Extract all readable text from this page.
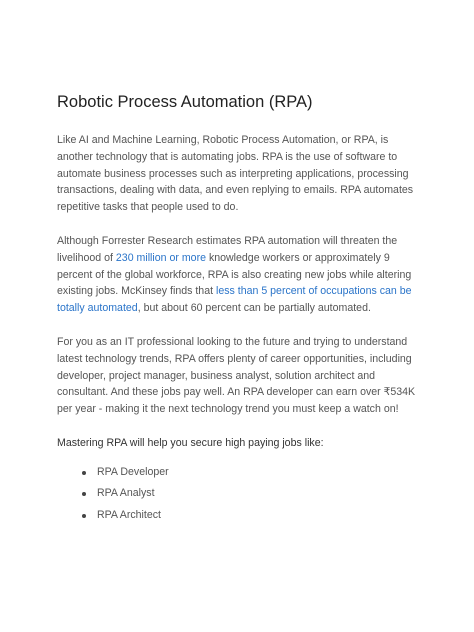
Robotic Process Automation (RPA)

Like AI and Machine Learning, Robotic Process Automation, or RPA, is another technology that is automating jobs. RPA is the use of software to automate business processes such as interpreting applications, processing transactions, dealing with data, and even replying to emails. RPA automates repetitive tasks that people used to do.

Although Forrester Research estimates RPA automation will threaten the livelihood of 230 million or more knowledge workers or approximately 9 percent of the global workforce, RPA is also creating new jobs while altering existing jobs. McKinsey finds that less than 5 percent of occupations can be totally automated, but about 60 percent can be partially automated.

For you as an IT professional looking to the future and trying to understand latest technology trends, RPA offers plenty of career opportunities, including developer, project manager, business analyst, solution architect and consultant. And these jobs pay well. An RPA developer can earn over ₹534K per year - making it the next technology trend you must keep a watch on!

Mastering RPA will help you secure high paying jobs like:

RPA Developer
RPA Analyst
RPA Architect
